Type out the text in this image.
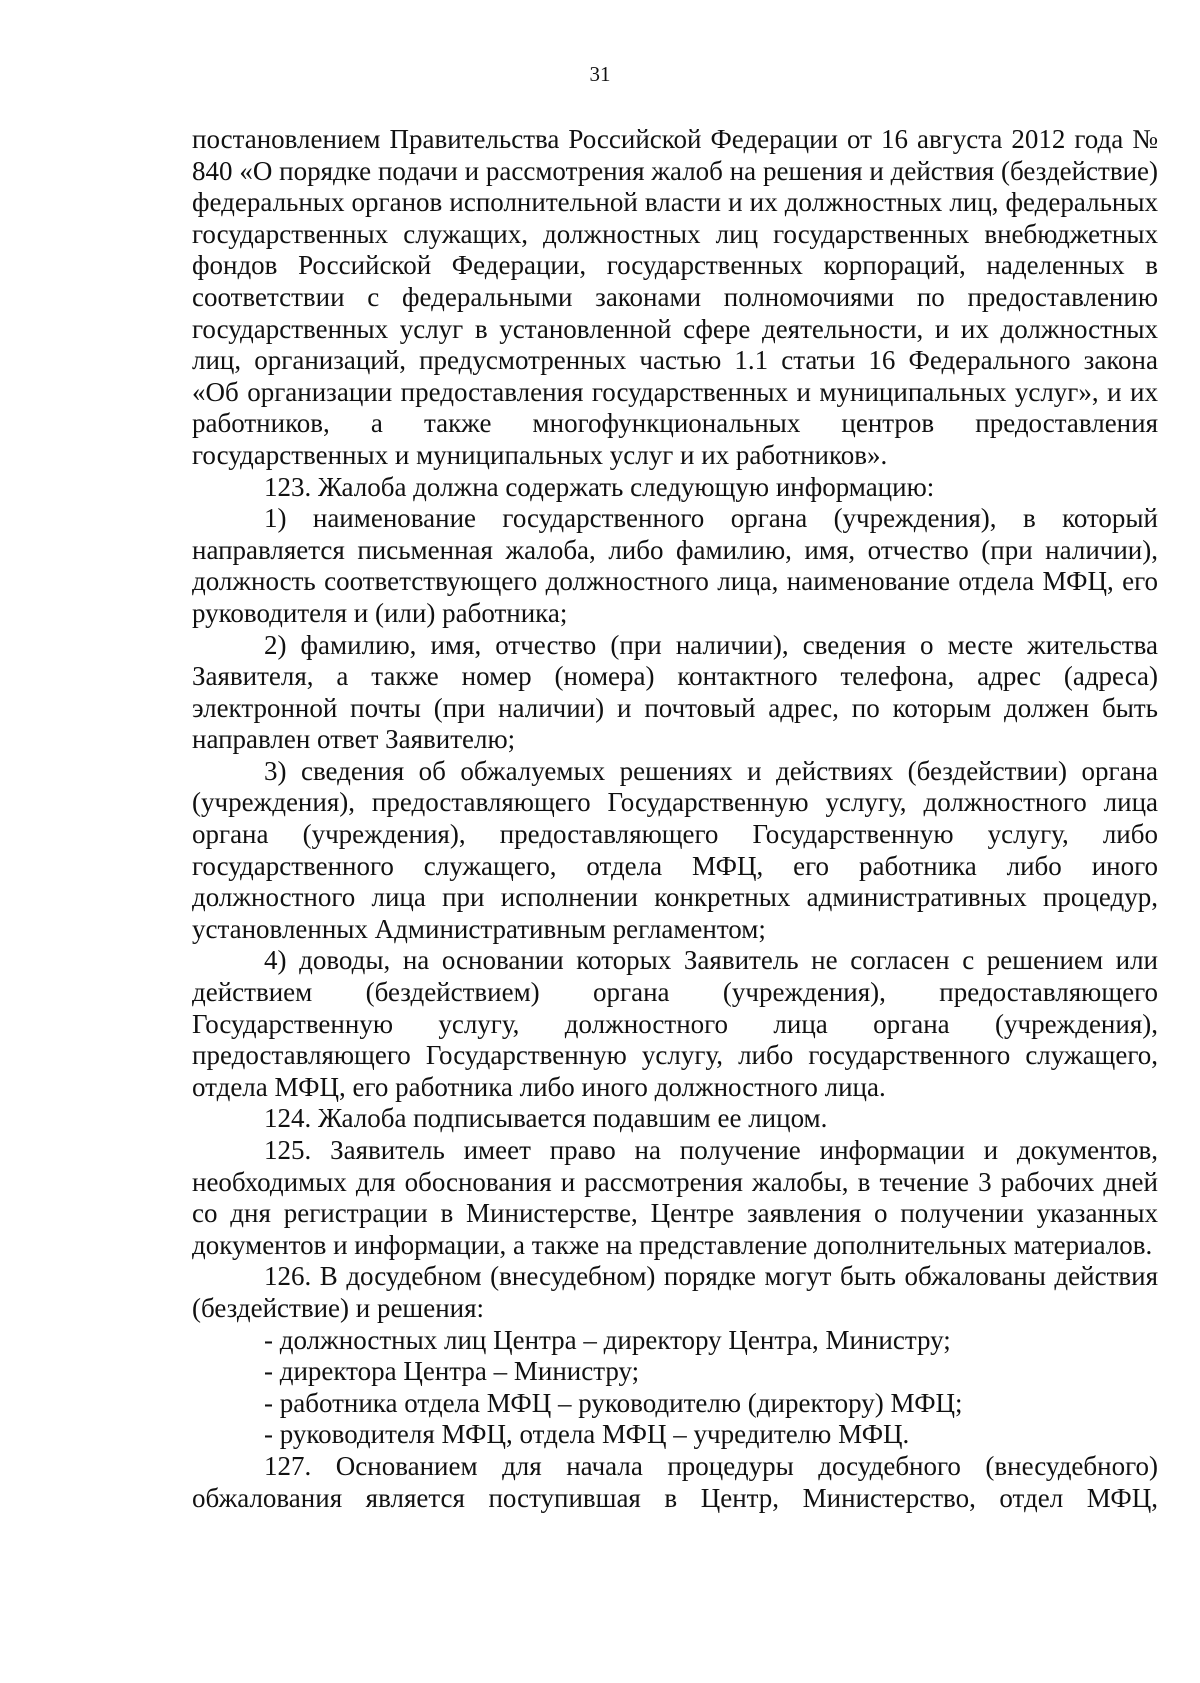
31

постановлением Правительства Российской Федерации от 16 августа 2012 года № 840 «О порядке подачи и рассмотрения жалоб на решения и действия (бездействие) федеральных органов исполнительной власти и их должностных лиц, федеральных государственных служащих, должностных лиц государственных внебюджетных фондов Российской Федерации, государственных корпораций, наделенных в соответствии с федеральными законами полномочиями по предоставлению государственных услуг в установленной сфере деятельности, и их должностных лиц, организаций, предусмотренных частью 1.1 статьи 16 Федерального закона «Об организации предоставления государственных и муниципальных услуг», и их работников, а также многофункциональных центров предоставления государственных и муниципальных услуг и их работников».

123. Жалоба должна содержать следующую информацию:

1) наименование государственного органа (учреждения), в который направляется письменная жалоба, либо фамилию, имя, отчество (при наличии), должность соответствующего должностного лица, наименование отдела МФЦ, его руководителя и (или) работника;

2) фамилию, имя, отчество (при наличии), сведения о месте жительства Заявителя, а также номер (номера) контактного телефона, адрес (адреса) электронной почты (при наличии) и почтовый адрес, по которым должен быть направлен ответ Заявителю;

3) сведения об обжалуемых решениях и действиях (бездействии) органа (учреждения), предоставляющего Государственную услугу, должностного лица органа (учреждения), предоставляющего Государственную услугу, либо государственного служащего, отдела МФЦ, его работника либо иного должностного лица при исполнении конкретных административных процедур, установленных Административным регламентом;

4) доводы, на основании которых Заявитель не согласен с решением или действием (бездействием) органа (учреждения), предоставляющего Государственную услугу, должностного лица органа (учреждения), предоставляющего Государственную услугу, либо государственного служащего, отдела МФЦ, его работника либо иного должностного лица.

124. Жалоба подписывается подавшим ее лицом.

125. Заявитель имеет право на получение информации и документов, необходимых для обоснования и рассмотрения жалобы, в течение 3 рабочих дней со дня регистрации в Министерстве, Центре заявления о получении указанных документов и информации, а также на представление дополнительных материалов.

126. В досудебном (внесудебном) порядке могут быть обжалованы действия (бездействие) и решения:

- должностных лиц Центра – директору Центра, Министру;

- директора Центра – Министру;

- работника отдела МФЦ – руководителю (директору) МФЦ;

- руководителя МФЦ, отдела МФЦ – учредителю МФЦ.

127. Основанием для начала процедуры досудебного (внесудебного) обжалования является поступившая в Центр, Министерство, отдел МФЦ,
